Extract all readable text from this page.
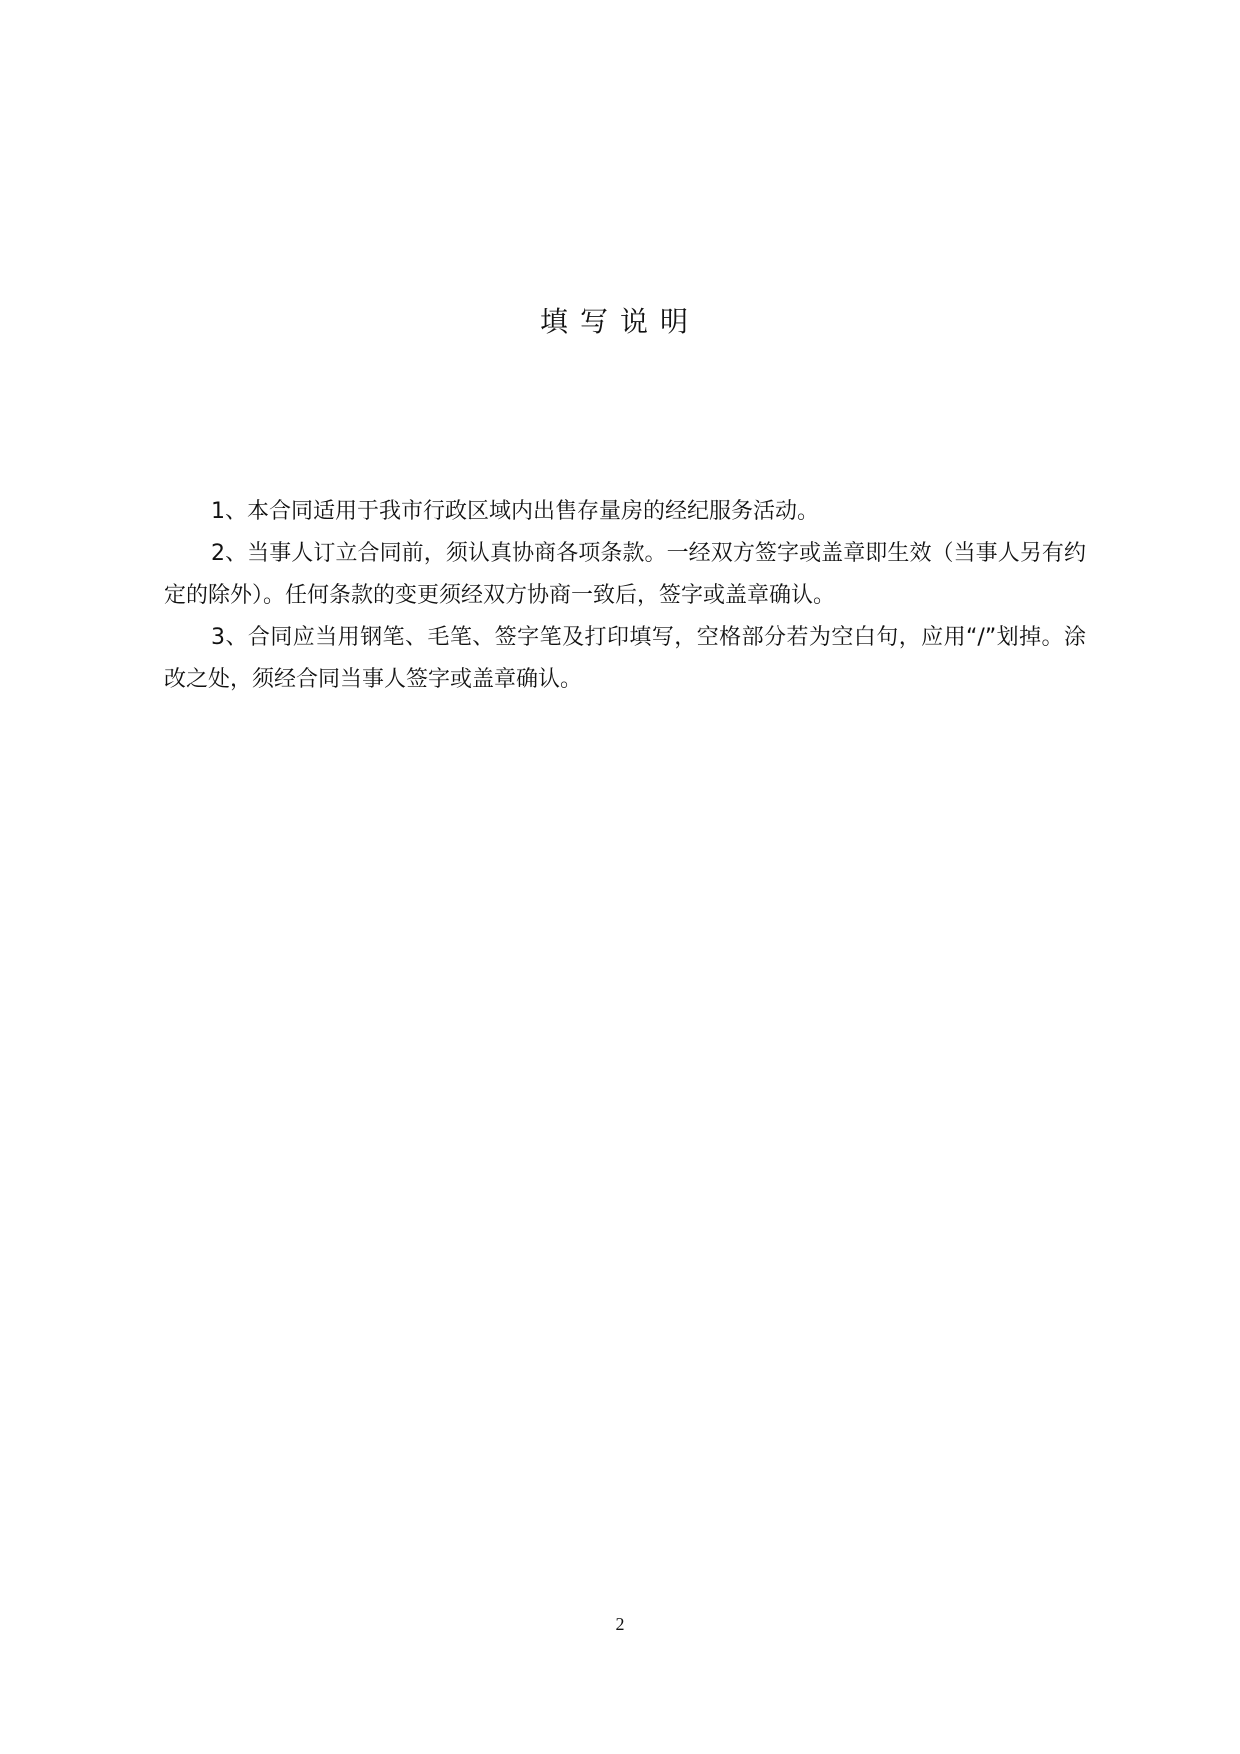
填写说明

1、本合同适用于我市行政区域内出售存量房的经纪服务活动。

2、当事人订立合同前，须认真协商各项条款。一经双方签字或盖章即生效（当事人另有约定的除外）。任何条款的变更须经双方协商一致后，签字或盖章确认。

3、合同应当用钢笔、毛笔、签字笔及打印填写，空格部分若为空白句，应用“/”划掉。涂改之处，须经合同当事人签字或盖章确认。

2
